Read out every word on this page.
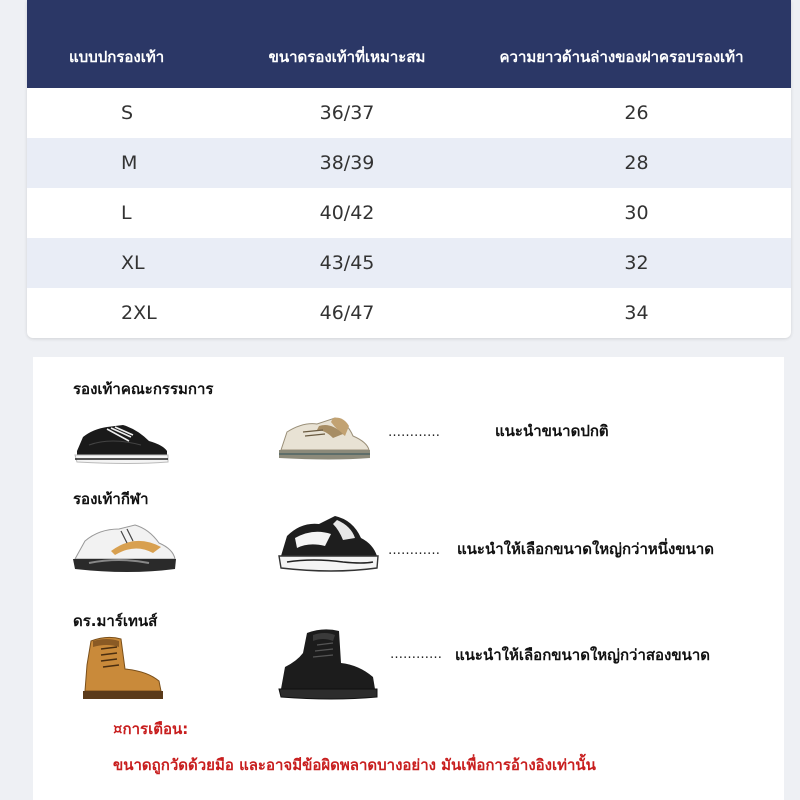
แบบปกรองเท้า	ขนาดรองเท้าที่เหมาะสม	ความยาวด้านล่างของฝาครอบรองเท้า
S	36/37	26
M	38/39	28
L	40/42	30
XL	43/45	32
2XL	46/47	34
รองเท้าคณะกรรมการ
…………	แนะนำขนาดปกติ
รองเท้ากีฬา
………… แนะนำให้เลือกขนาดใหญ่กว่าหนึ่งขนาด
ดร.มาร์เทนส์
………… แนะนำให้เลือกขนาดใหญ่กว่าสองขนาด
¤การเตือน:
ขนาดถูกวัดด้วยมือ และอาจมีข้อผิดพลาดบางอย่าง มันเพื่อการอ้างอิงเท่านั้น
